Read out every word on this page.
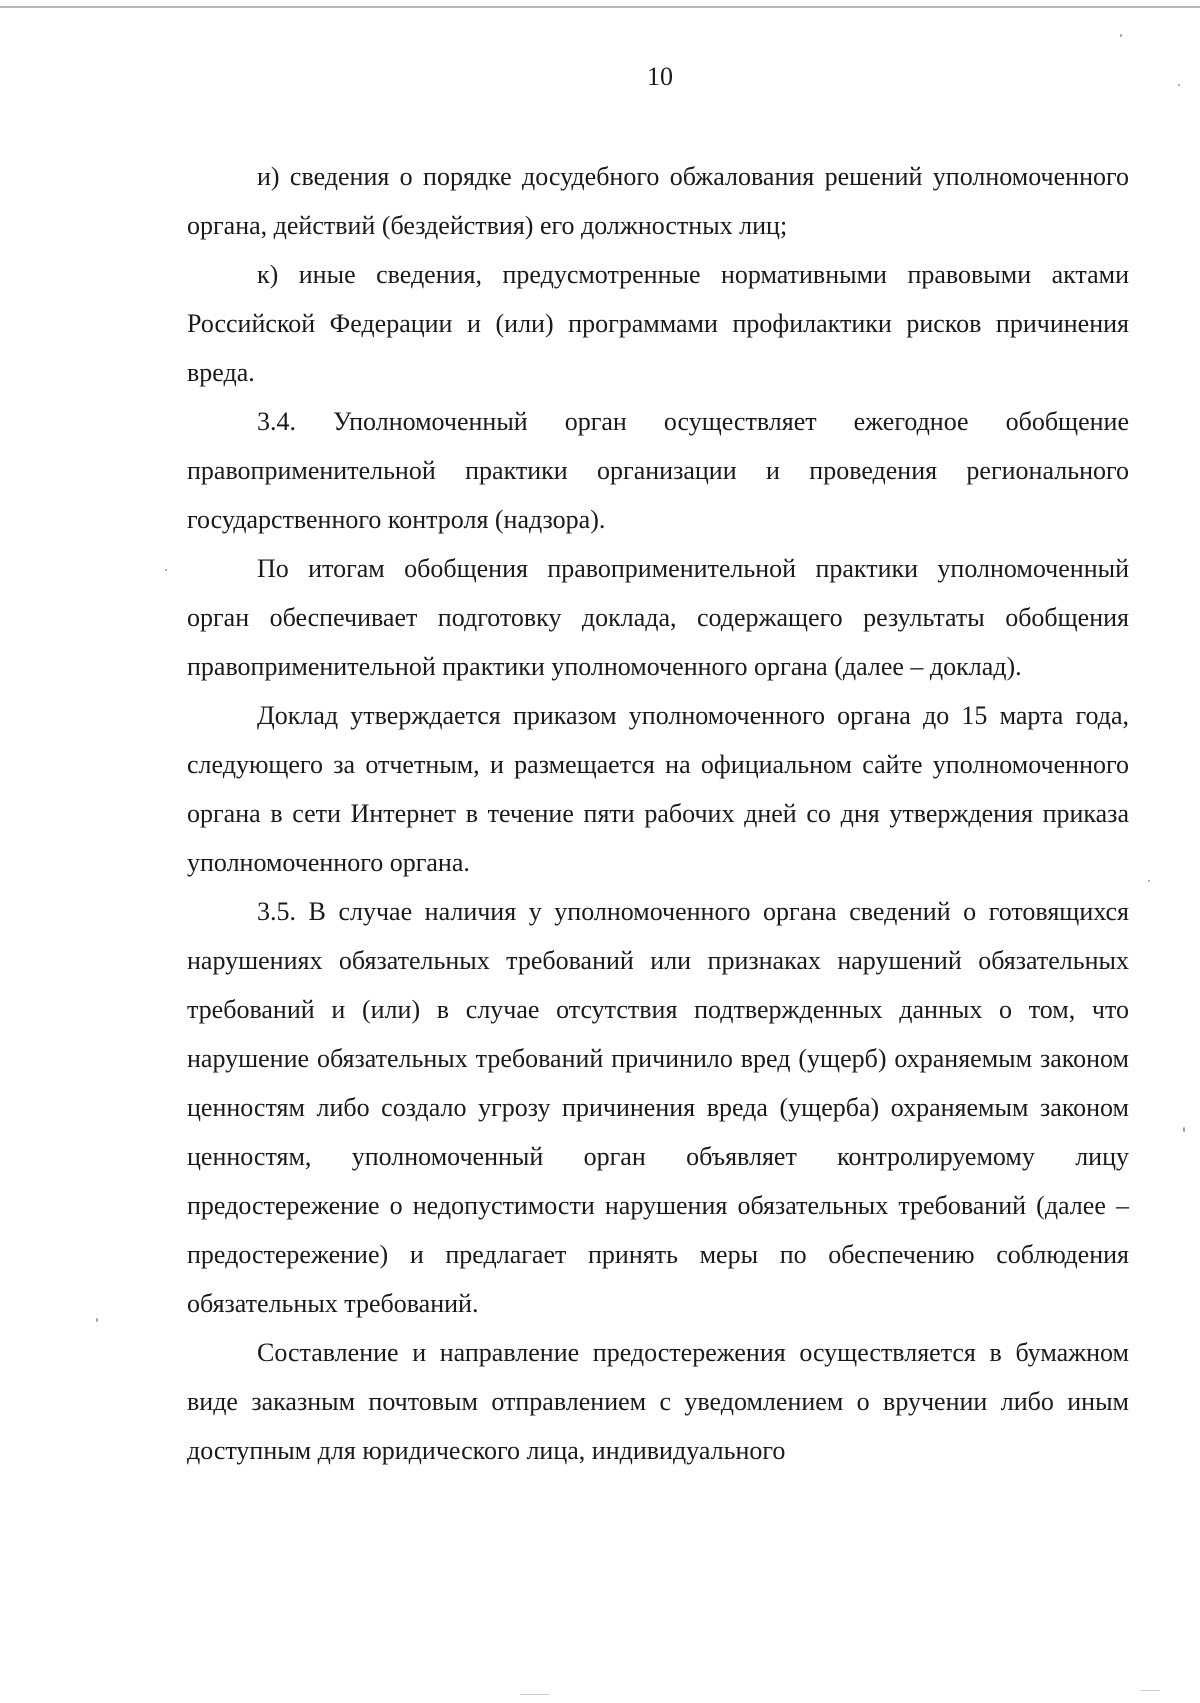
10

и) сведения о порядке досудебного обжалования решений уполномоченного органа, действий (бездействия) его должностных лиц;

к) иные сведения, предусмотренные нормативными правовыми актами Российской Федерации и (или) программами профилактики рисков причинения вреда.

3.4. Уполномоченный орган осуществляет ежегодное обобщение правоприменительной практики организации и проведения регионального государственного контроля (надзора).

По итогам обобщения правоприменительной практики уполномоченный орган обеспечивает подготовку доклада, содержащего результаты обобщения правоприменительной практики уполномоченного органа (далее – доклад).

Доклад утверждается приказом уполномоченного органа до 15 марта года, следующего за отчетным, и размещается на официальном сайте уполномоченного органа в сети Интернет в течение пяти рабочих дней со дня утверждения приказа уполномоченного органа.

3.5. В случае наличия у уполномоченного органа сведений о готовящихся нарушениях обязательных требований или признаках нарушений обязательных требований и (или) в случае отсутствия подтвержденных данных о том, что нарушение обязательных требований причинило вред (ущерб) охраняемым законом ценностям либо создало угрозу причинения вреда (ущерба) охраняемым законом ценностям, уполномоченный орган объявляет контролируемому лицу предостережение о недопустимости нарушения обязательных требований (далее – предостережение) и предлагает принять меры по обеспечению соблюдения обязательных требований.

Составление и направление предостережения осуществляется в бумажном виде заказным почтовым отправлением с уведомлением о вручении либо иным доступным для юридического лица, индивидуального
